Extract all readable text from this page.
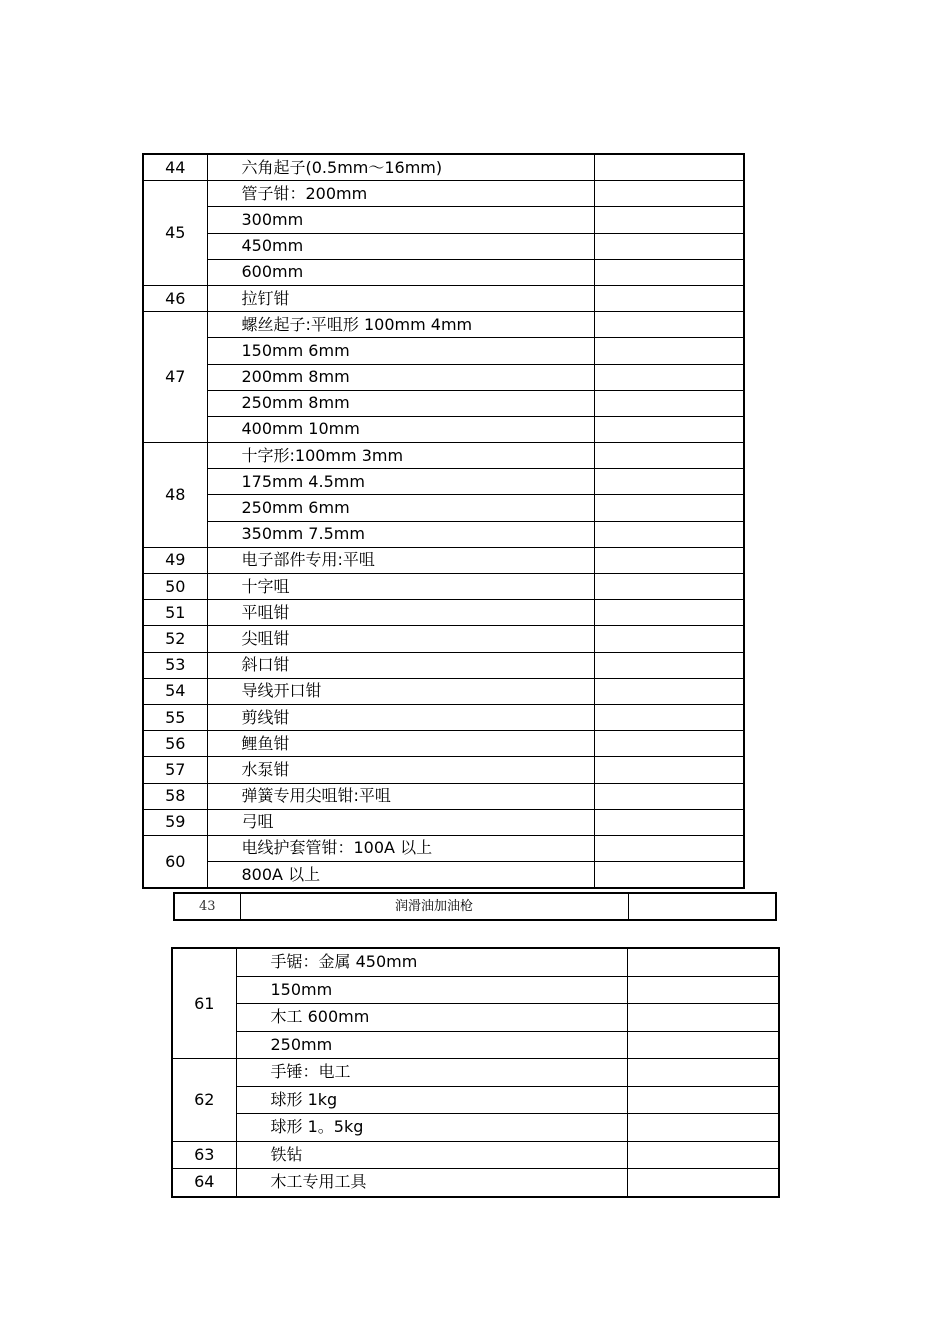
44	六角起子(0.5mm～16mm)	
45	管子钳：200mm	
	300mm	
	450mm	
	600mm	
46	拉钉钳	
47	螺丝起子:平咀形 100mm 4mm	
	150mm 6mm	
	200mm 8mm	
	250mm 8mm	
	400mm 10mm	
48	十字形:100mm 3mm	
	175mm 4.5mm	
	250mm 6mm	
	350mm 7.5mm	
49	电子部件专用:平咀	
50	十字咀	
51	平咀钳	
52	尖咀钳	
53	斜口钳	
54	导线开口钳	
55	剪线钳	
56	鲤鱼钳	
57	水泵钳	
58	弹簧专用尖咀钳:平咀	
59	弓咀	
60	电线护套管钳：100A 以上	
	800A 以上	
43	润滑油加油枪	
61	手锯：金属 450mm	
	150mm	
	木工 600mm	
	250mm	
62	手锤：电工	
	球形 1kg	
	球形 1。5kg	
63	铁钻	
64	木工专用工具	
